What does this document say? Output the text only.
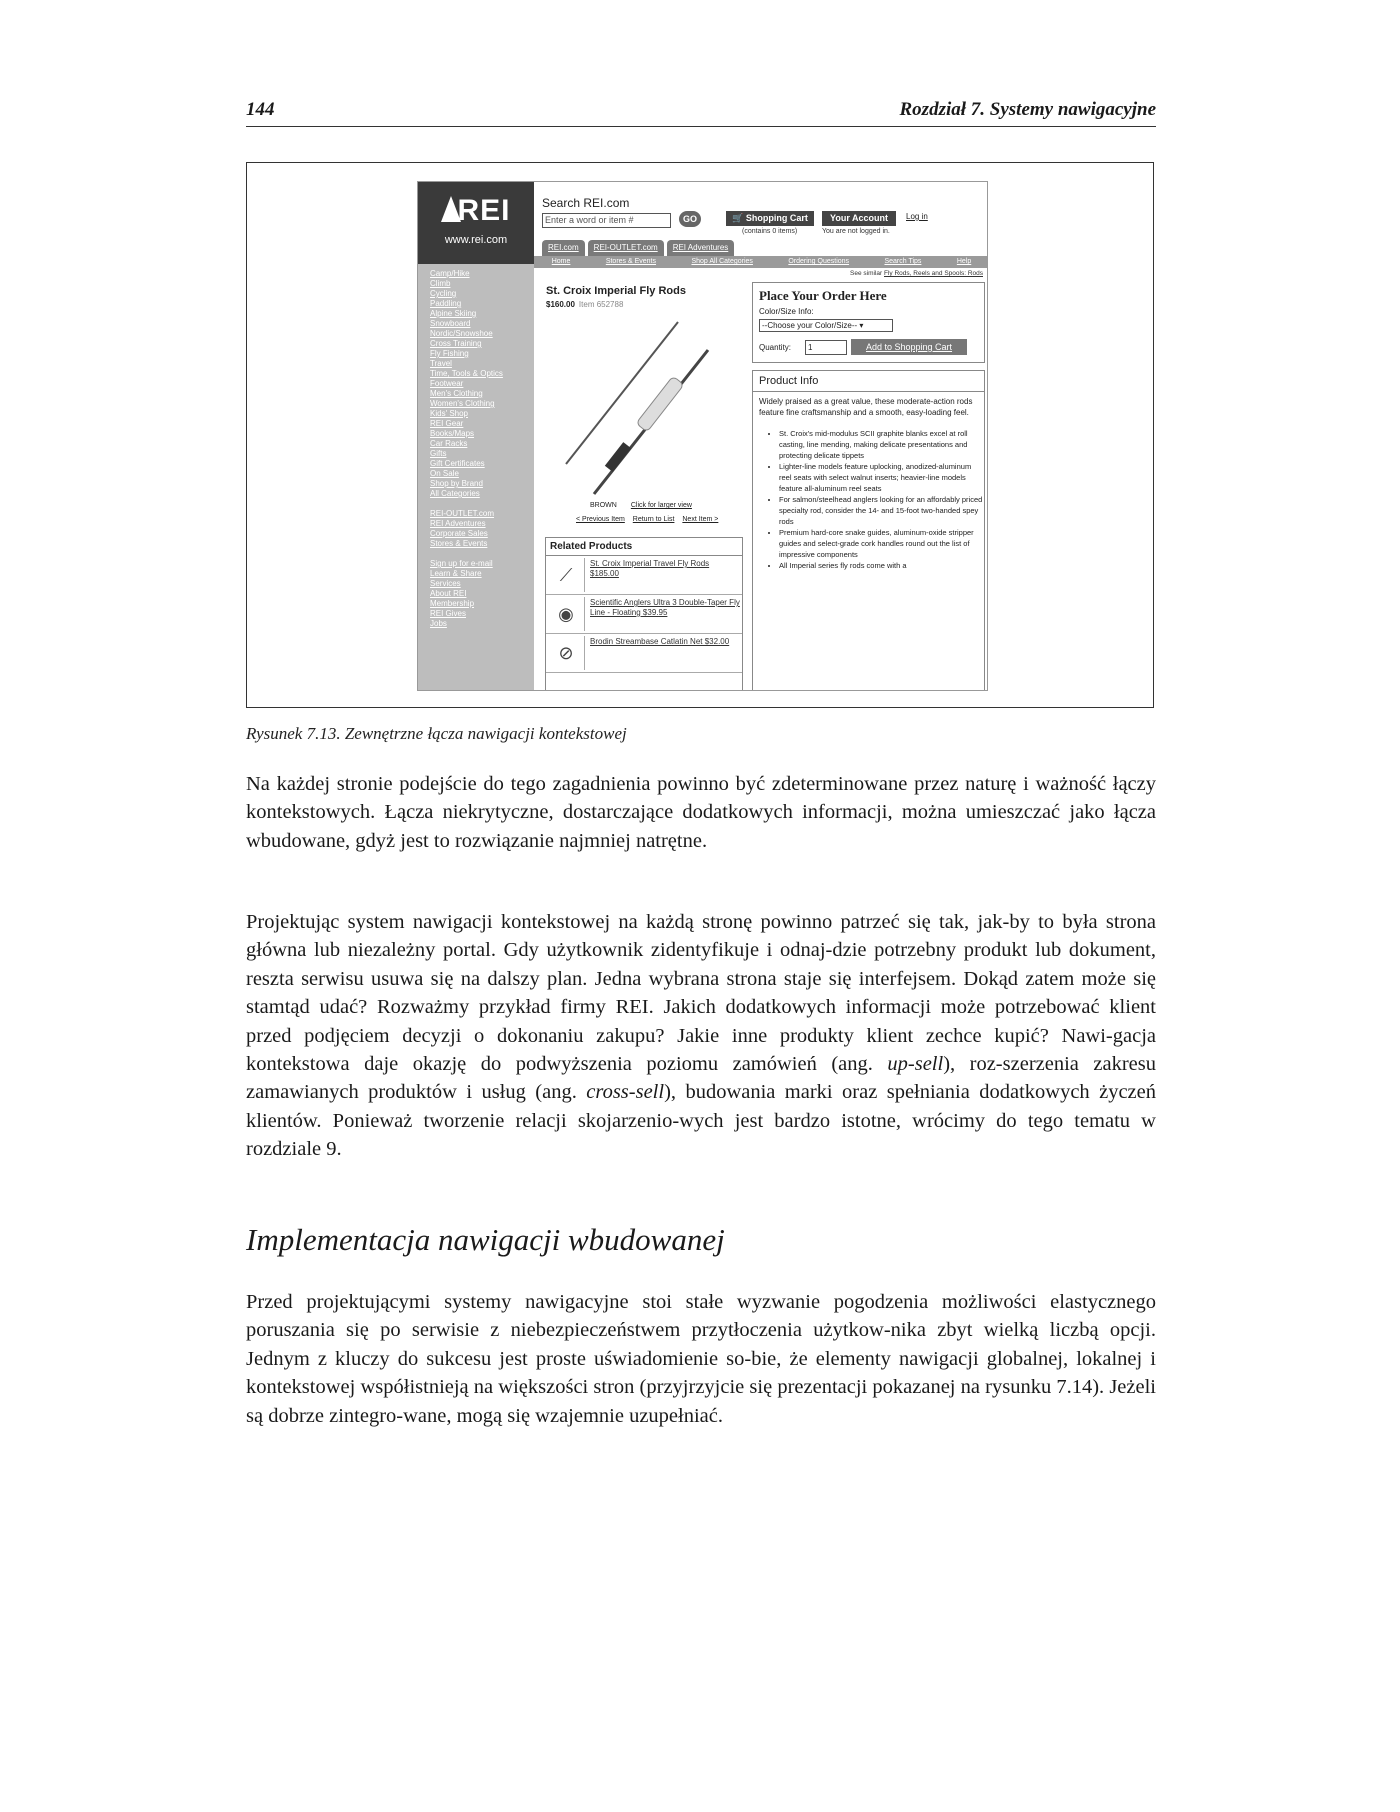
144	Rozdział 7. Systemy nawigacyjne
REI
www.rei.com
Search REI.com
Enter a word or item #	GO	🛒 Shopping Cart
(contains 0 items)
Your Account
You are not logged in.
Log in
REI.com	REI-OUTLET.com	REI Adventures
Home	Stores & Events	Shop All Categories	Ordering Questions	Search Tips	Help
Camp/Hike
Climb
Cycling
Paddling
Alpine Skiing
Snowboard
Nordic/Snowshoe
Cross Training
Fly Fishing
Travel
Time, Tools & Optics
Footwear
Men's Clothing
Women's Clothing
Kids' Shop
REI Gear
Books/Maps
Car Racks
Gifts
Gift Certificates
On Sale
Shop by Brand
All Categories
REI-OUTLET.com
REI Adventures
Corporate Sales
Stores & Events
Sign up for e-mail
Learn & Share
Services
About REI
Membership
REI Gives
Jobs
See similar Fly Rods, Reels and Spools: Rods
St. Croix Imperial Fly Rods
$160.00 Item 652788
BROWN Click for larger view
< Previous Item Return to List Next Item >
Related Products
⟋
St. Croix Imperial Travel Fly Rods $185.00
◉
Scientific Anglers Ultra 3 Double-Taper Fly Line - Floating $39.95
⊘
Brodin Streambase Catlatin Net $32.00
Place Your Order Here
Color/Size Info:
--Choose your Color/Size-- ▾
Quantity:	1	Add to Shopping Cart
Product Info
Widely praised as a great value, these moderate-action rods feature fine craftsmanship and a smooth, easy-loading feel.
• St. Croix's mid-modulus SCII graphite blanks excel at roll casting, line mending, making delicate presentations and protecting delicate tippets
• Lighter-line models feature uplocking, anodized-aluminum reel seats with select walnut inserts; heavier-line models feature all-aluminum reel seats
• For salmon/steelhead anglers looking for an affordably priced specialty rod, consider the 14- and 15-foot two-handed spey rods
• Premium hard-core snake guides, aluminum-oxide stripper guides and select-grade cork handles round out the list of impressive components
• All Imperial series fly rods come with a
Rysunek 7.13. Zewnętrzne łącza nawigacji kontekstowej

Na każdej stronie podejście do tego zagadnienia powinno być zdeterminowane przez naturę i ważność łączy kontekstowych. Łącza niekrytyczne, dostarczające dodatkowych informacji, można umieszczać jako łącza wbudowane, gdyż jest to rozwiązanie najmniej natrętne.

Projektując system nawigacji kontekstowej na każdą stronę powinno patrzeć się tak, jak-by to była strona główna lub niezależny portal. Gdy użytkownik zidentyfikuje i odnaj-dzie potrzebny produkt lub dokument, reszta serwisu usuwa się na dalszy plan. Jedna wybrana strona staje się interfejsem. Dokąd zatem może się stamtąd udać? Rozważmy przykład firmy REI. Jakich dodatkowych informacji może potrzebować klient przed podjęciem decyzji o dokonaniu zakupu? Jakie inne produkty klient zechce kupić? Nawi-gacja kontekstowa daje okazję do podwyższenia poziomu zamówień (ang. up-sell), roz-szerzenia zakresu zamawianych produktów i usług (ang. cross-sell), budowania marki oraz spełniania dodatkowych życzeń klientów. Ponieważ tworzenie relacji skojarzenio-wych jest bardzo istotne, wrócimy do tego tematu w rozdziale 9.

Implementacja nawigacji wbudowanej

Przed projektującymi systemy nawigacyjne stoi stałe wyzwanie pogodzenia możliwości elastycznego poruszania się po serwisie z niebezpieczeństwem przytłoczenia użytkow-nika zbyt wielką liczbą opcji. Jednym z kluczy do sukcesu jest proste uświadomienie so-bie, że elementy nawigacji globalnej, lokalnej i kontekstowej współistnieją na większości stron (przyjrzyjcie się prezentacji pokazanej na rysunku 7.14). Jeżeli są dobrze zintegro-wane, mogą się wzajemnie uzupełniać.
